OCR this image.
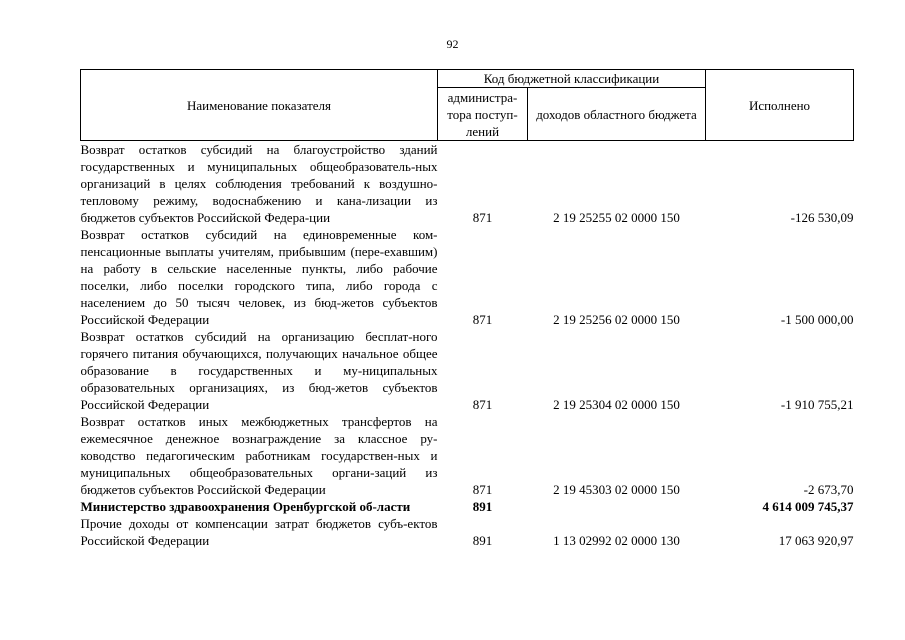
92
Наименование показателя	Код бюджетной классификации		Исполнено
	администра-тора поступ-лений	доходов областного бюджета	
Возврат остатков субсидий на благоустройство зданий государственных и муниципальных общеобразователь-ных организаций в целях соблюдения требований к воздушно-тепловому режиму, водоснабжению и кана-лизации из бюджетов субъектов Российской Федера-ции	871	2 19 25255 02 0000 150	-126 530,09
Возврат остатков субсидий на единовременные ком-пенсационные выплаты учителям, прибывшим (пере-ехавшим) на работу в сельские населенные пункты, либо рабочие поселки, либо поселки городского типа, либо города с населением до 50 тысяч человек, из бюд-жетов субъектов Российской Федерации	871	2 19 25256 02 0000 150	-1 500 000,00
Возврат остатков субсидий на организацию бесплат-ного горячего питания обучающихся, получающих начальное общее образование в государственных и му-ниципальных образовательных организациях, из бюд-жетов субъектов Российской Федерации	871	2 19 25304 02 0000 150	-1 910 755,21
Возврат остатков иных межбюджетных трансфертов на ежемесячное денежное вознаграждение за классное ру-ководство педагогическим работникам государствен-ных и муниципальных общеобразовательных органи-заций из бюджетов субъектов Российской Федерации	871	2 19 45303 02 0000 150	-2 673,70
Министерство здравоохранения Оренбургской об-ласти	891		4 614 009 745,37
Прочие доходы от компенсации затрат бюджетов субъ-ектов Российской Федерации	891	1 13 02992 02 0000 130	17 063 920,97
